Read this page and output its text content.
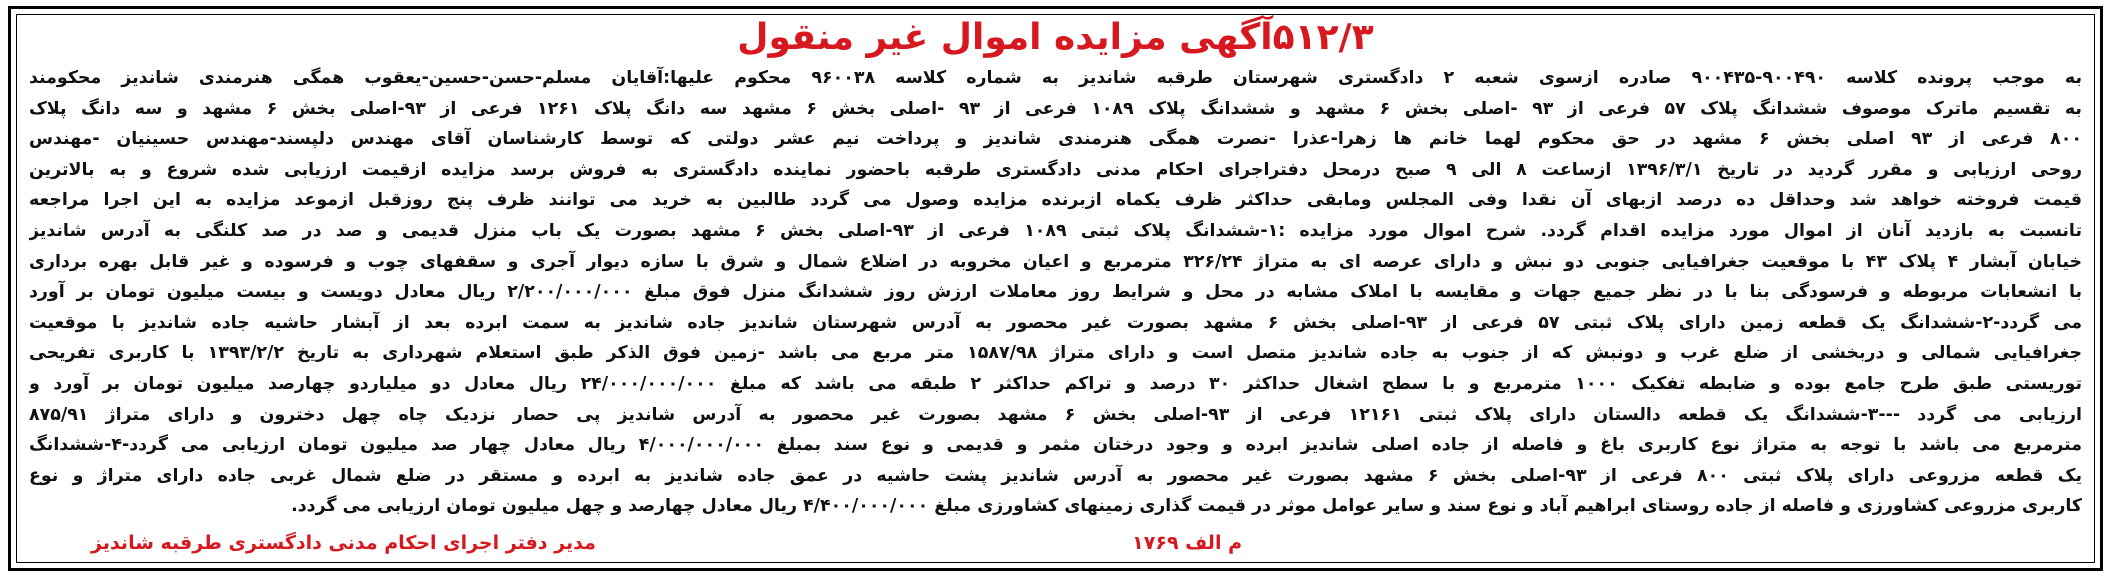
۵۱۲/۳آگهی مزایده اموال غیر منقول
به موجب پرونده کلاسه ۹۰۰۴۹۰-۹۰۰۴۳۵ صادره ازسوی شعبه ۲ دادگستری شهرستان طرقبه شاندیز به شماره کلاسه ۹۶۰۰۳۸ محکوم علیها:آقایان مسلم-حسن-حسین-یعقوب همگی هنرمندی شاندیز محکومند
به تقسیم ماترک موصوف ششدانگ پلاک ۵۷ فرعی از ۹۳ -اصلی بخش ۶ مشهد و ششدانگ پلاک ۱۰۸۹ فرعی از ۹۳ -اصلی بخش ۶ مشهد سه دانگ پلاک ۱۲۶۱ فرعی از ۹۳-اصلی بخش ۶ مشهد و سه دانگ پلاک
۸۰۰ فرعی از ۹۳ اصلی بخش ۶ مشهد در حق محکوم لهما خانم ها زهرا-عذرا -نصرت همگی هنرمندی شاندیز و پرداخت نیم عشر دولتی که توسط کارشناسان آقای مهندس دلپسند-مهندس حسینیان -مهندس
روحی ارزیابی و مقرر گردید در تاریخ ۱۳۹۶/۳/۱ ازساعت ۸ الی ۹ صبح درمحل دفتراجرای احکام مدنی دادگستری طرقبه باحضور نماینده دادگستری به فروش برسد مزایده ازقیمت ارزیابی شده شروع و به بالاترین
قیمت فروخته خواهد شد وحداقل ده درصد ازبهای آن نقدا وفی المجلس ومابقی حداکثر ظرف یکماه ازبرنده مزایده وصول می گردد طالبین به خرید می توانند ظرف پنج روزقبل ازموعد مزایده به این اجرا مراجعه
تانسبت به بازدید آنان از اموال مورد مزایده اقدام گردد. شرح اموال مورد مزایده :۱-ششدانگ پلاک ثبتی ۱۰۸۹ فرعی از ۹۳-اصلی بخش ۶ مشهد بصورت یک باب منزل قدیمی و صد در صد کلنگی به آدرس شاندیز
خیابان آبشار ۴ پلاک ۴۳ با موقعیت جغرافیایی جنوبی دو نبش و دارای عرصه ای به متراژ ۳۲۶/۲۴ مترمربع و اعیان مخروبه در اضلاع شمال و شرق با سازه دیوار آجری و سقفهای چوب و فرسوده و غیر قابل بهره برداری
با انشعابات مربوطه و فرسودگی بنا با در نظر جمیع جهات و مقایسه با املاک مشابه در محل و شرایط روز معاملات ارزش روز ششدانگ منزل فوق مبلغ ۲/۲۰۰/۰۰۰/۰۰۰ ریال معادل دویست و بیست میلیون تومان بر آورد
می گردد-۲-ششدانگ یک قطعه زمین دارای پلاک ثبتی ۵۷ فرعی از ۹۳-اصلی بخش ۶ مشهد بصورت غیر محصور به آدرس شهرستان شاندیز جاده شاندیز به سمت ابرده بعد از آبشار حاشیه جاده شاندیز با موقعیت
جغرافیایی شمالی و دربخشی از ضلع غرب و دونبش که از جنوب به جاده شاندیز متصل است و دارای متراژ ۱۵۸۷/۹۸ متر مربع می باشد -زمین فوق الذکر طبق استعلام شهرداری به تاریخ ۱۳۹۳/۲/۲ با کاربری تفریحی
توریستی طبق طرح جامع بوده و ضابطه تفکیک ۱۰۰۰ مترمربع و با سطح اشغال حداکثر ۳۰ درصد و تراکم حداکثر ۲ طبقه می باشد که مبلغ ۲۴/۰۰۰/۰۰۰/۰۰۰ ریال معادل دو میلیاردو چهارصد میلیون تومان بر آورد و
ارزیابی می گردد ---۳-ششدانگ یک قطعه دالستان دارای پلاک ثبتی ۱۲۱۶۱ فرعی از ۹۳-اصلی بخش ۶ مشهد بصورت غیر محصور به آدرس شاندیز پی حصار نزدیک چاه چهل دخترون و دارای متراژ ۸۷۵/۹۱
مترمربع می باشد با توجه به متراژ نوع کاربری باغ و فاصله از جاده اصلی شاندیز ابرده و وجود درختان مثمر و قدیمی و نوع سند بمبلغ ۴/۰۰۰/۰۰۰/۰۰۰ ریال معادل چهار صد میلیون تومان ارزیابی می گردد-۴-ششدانگ
یک قطعه مزروعی دارای پلاک ثبتی ۸۰۰ فرعی از ۹۳-اصلی بخش ۶ مشهد بصورت غیر محصور به آدرس شاندیز پشت حاشیه در عمق جاده شاندیز به ابرده و مستقر در ضلع شمال غربی جاده دارای متراژ و نوع
کاربری مزروعی کشاورزی و فاصله از جاده روستای ابراهیم آباد و نوع سند و سایر عوامل موثر در قیمت گذاری زمینهای کشاورزی مبلغ ۴/۴۰۰/۰۰۰/۰۰۰ ریال معادل چهارصد و چهل میلیون تومان ارزیابی می گردد.
م الف ۱۷۶۹
مدیر دفتر اجرای احکام مدنی دادگستری طرقبه شاندیز
